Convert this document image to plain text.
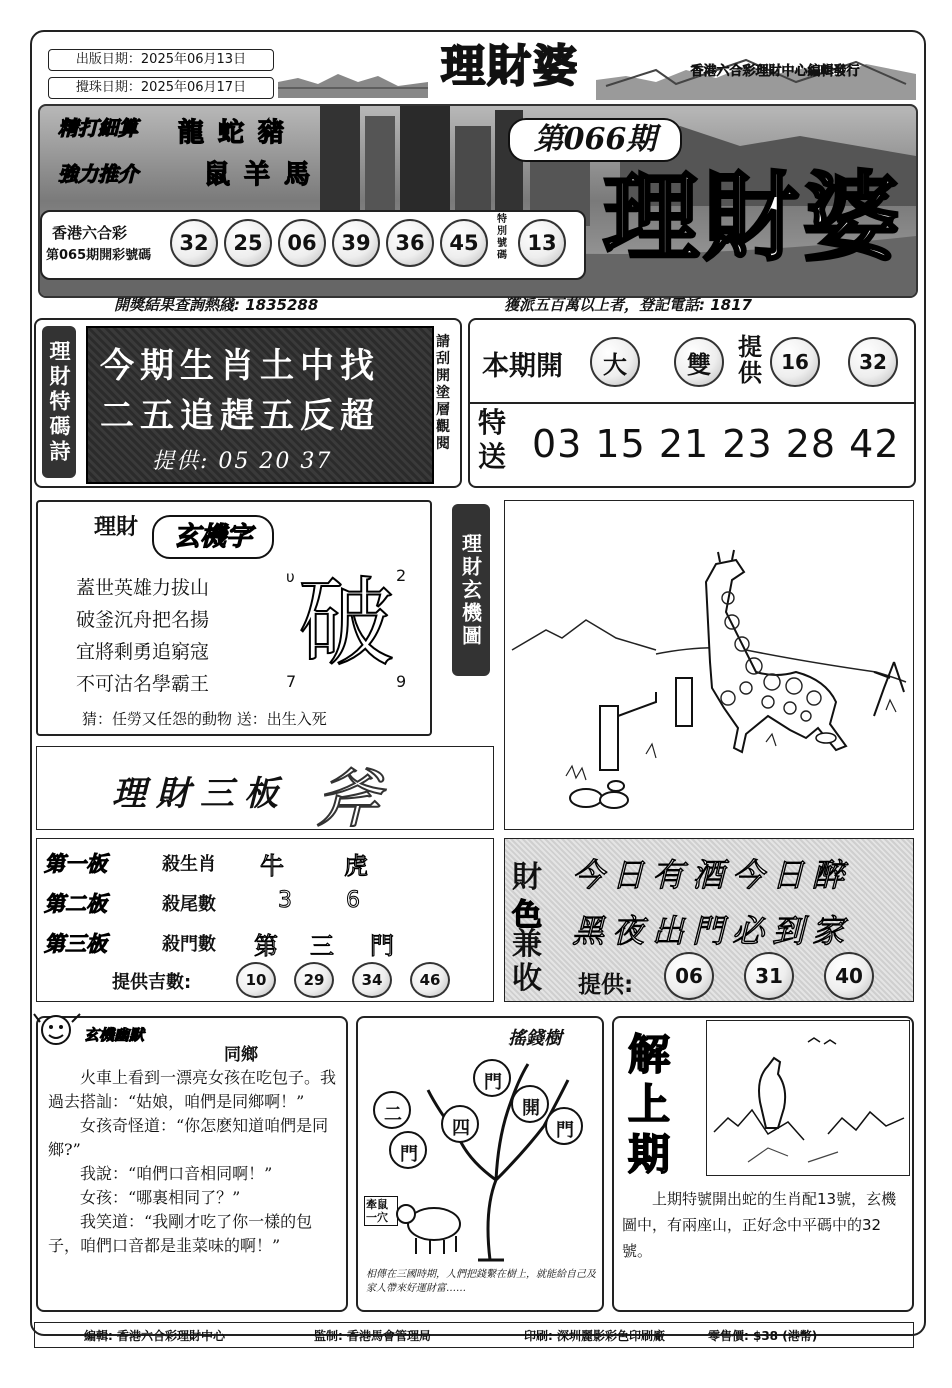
出版日期：2025年06月13日
攪珠日期：2025年06月17日	理財婆	香港六合彩理財中心編輯發行
精打細算 龍蛇豬
強力推介	鼠羊馬
第066期
理財婆
香港六合彩
第065期開彩號碼
32	25	06	39	36	45
特別號碼
13
開獎結果查詢熱綫: 1835288	獲派五百萬以上者，登記電話: 1817
理財特碼詩 今期生肖土中找
二五追趕五反超
提供: 05 20 37
請刮開塗層觀閱
本期開	大	雙
提供 16	32
特送 03 15 21 23 28 42
理財	玄機字
蓋世英雄力拔山
破釜沉舟把名揚
宜將剩勇追窮寇
不可沽名學霸王
υ	2
7	9
破
猜：任勞又任怨的動物 送：出生入死
理財玄機圖
理財三板 斧
第一板	殺生肖 牛	虎
第二板	殺尾數	3 6
第三板	殺門數 第 三 門
提供吉數:	10	29	34	46
財
色
兼收
今日有酒今日醉
黑夜出門必到家
提供:	06	31	40
玄機幽默
同鄉
　　火車上看到一漂亮女孩在吃包子。我過去搭訕：“姑娘，咱們是同鄉啊！”
　　女孩奇怪道：“你怎麽知道咱們是同鄉?”
　　我說：“咱們口音相同啊！”
　　女孩：“哪裏相同了？”
　　我笑道：“我剛才吃了你一樣的包子，咱們口音都是韭菜味的啊！”
搖錢樹
二
門
四
門
開
門
牽鼠一穴
相傳在三國時期，人們把錢繫在樹上，就能給自己及家人帶來好運財富……
解上期
上期特號開出蛇的生肖配13號，玄機圖中，有兩座山，正好念中平碼中的32號。
編輯: 香港六合彩理財中心	監制: 香港馬會管理局	印刷: 深圳麗影彩色印刷廠	零售價: $38 (港幣)
